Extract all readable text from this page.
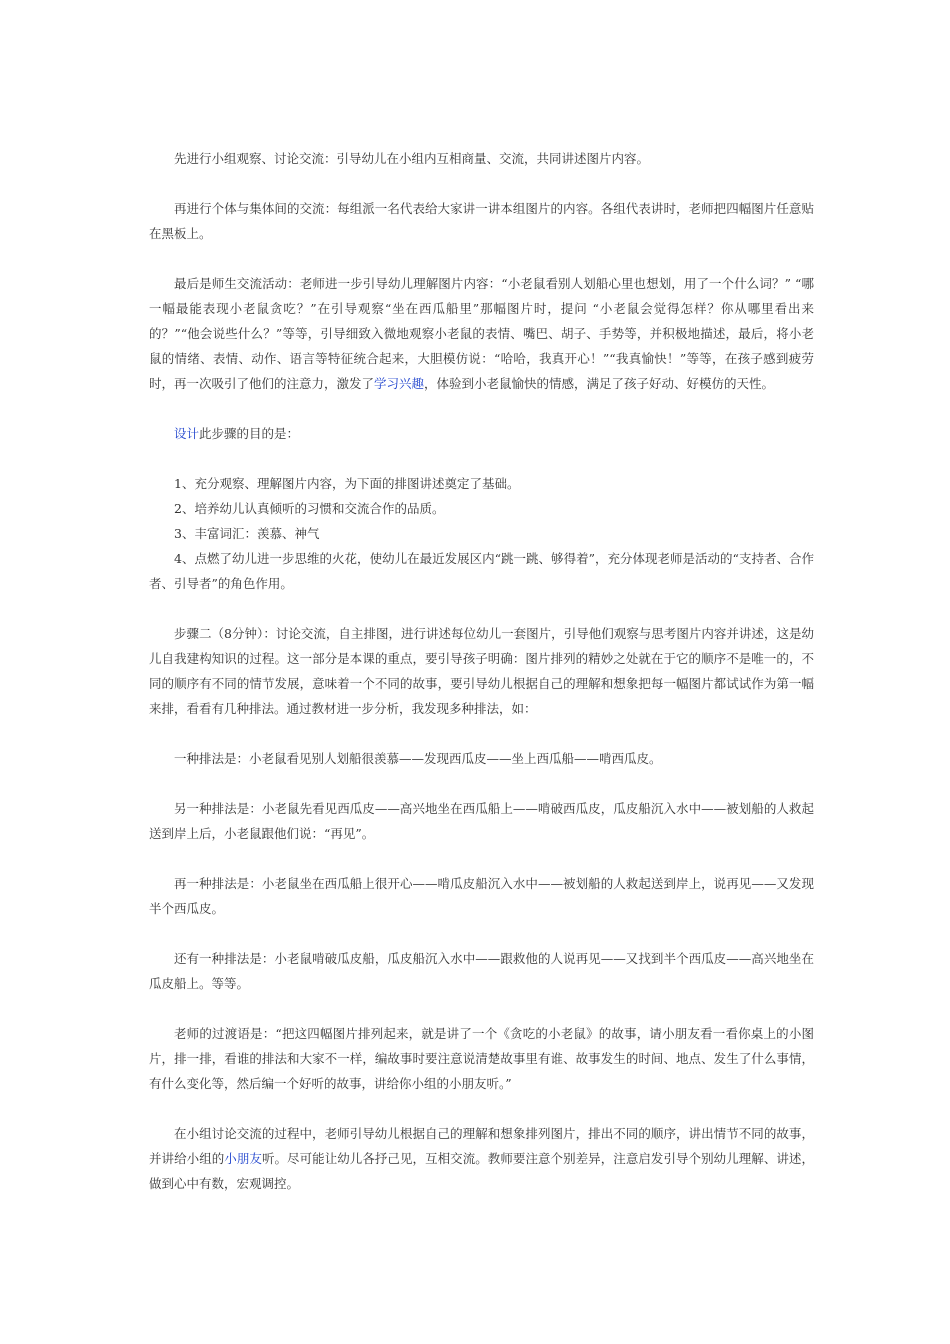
先进行小组观察、讨论交流：引导幼儿在小组内互相商量、交流，共同讲述图片内容。

再进行个体与集体间的交流：每组派一名代表给大家讲一讲本组图片的内容。各组代表讲时，老师把四幅图片任意贴在黑板上。

最后是师生交流活动：老师进一步引导幼儿理解图片内容：“小老鼠看别人划船心里也想划，用了一个什么词？” “哪一幅最能表现小老鼠贪吃？”在引导观察“坐在西瓜船里”那幅图片时，提问 “小老鼠会觉得怎样？你从哪里看出来的？”“他会说些什么？”等等，引导细致入微地观察小老鼠的表情、嘴巴、胡子、手势等，并积极地描述，最后，将小老鼠的情绪、表情、动作、语言等特征统合起来，大胆模仿说：“哈哈，我真开心！”“我真愉快！”等等，在孩子感到疲劳时，再一次吸引了他们的注意力，激发了学习兴趣，体验到小老鼠愉快的情感，满足了孩子好动、好模仿的天性。

设计此步骤的目的是：

1、充分观察、理解图片内容，为下面的排图讲述奠定了基础。

2、培养幼儿认真倾听的习惯和交流合作的品质。

3、丰富词汇：羡慕、神气

4、点燃了幼儿进一步思维的火花，使幼儿在最近发展区内“跳一跳、够得着”，充分体现老师是活动的“支持者、合作者、引导者”的角色作用。

步骤二（8分钟）：讨论交流，自主排图，进行讲述每位幼儿一套图片，引导他们观察与思考图片内容并讲述，这是幼儿自我建构知识的过程。这一部分是本课的重点，要引导孩子明确：图片排列的精妙之处就在于它的顺序不是唯一的，不同的顺序有不同的情节发展，意味着一个不同的故事，要引导幼儿根据自己的理解和想象把每一幅图片都试试作为第一幅来排，看看有几种排法。通过教材进一步分析，我发现多种排法，如：

一种排法是：小老鼠看见别人划船很羡慕——发现西瓜皮——坐上西瓜船——啃西瓜皮。

另一种排法是：小老鼠先看见西瓜皮——高兴地坐在西瓜船上——啃破西瓜皮，瓜皮船沉入水中——被划船的人救起送到岸上后，小老鼠跟他们说：“再见”。

再一种排法是：小老鼠坐在西瓜船上很开心——啃瓜皮船沉入水中——被划船的人救起送到岸上，说再见——又发现半个西瓜皮。

还有一种排法是：小老鼠啃破瓜皮船，瓜皮船沉入水中——跟救他的人说再见——又找到半个西瓜皮——高兴地坐在瓜皮船上。等等。

老师的过渡语是：“把这四幅图片排列起来，就是讲了一个《贪吃的小老鼠》的故事，请小朋友看一看你桌上的小图片，排一排，看谁的排法和大家不一样，编故事时要注意说清楚故事里有谁、故事发生的时间、地点、发生了什么事情，有什么变化等，然后编一个好听的故事，讲给你小组的小朋友听。”

在小组讨论交流的过程中，老师引导幼儿根据自己的理解和想象排列图片，排出不同的顺序，讲出情节不同的故事，并讲给小组的小朋友听。尽可能让幼儿各抒己见，互相交流。教师要注意个别差异，注意启发引导个别幼儿理解、讲述，做到心中有数，宏观调控。
